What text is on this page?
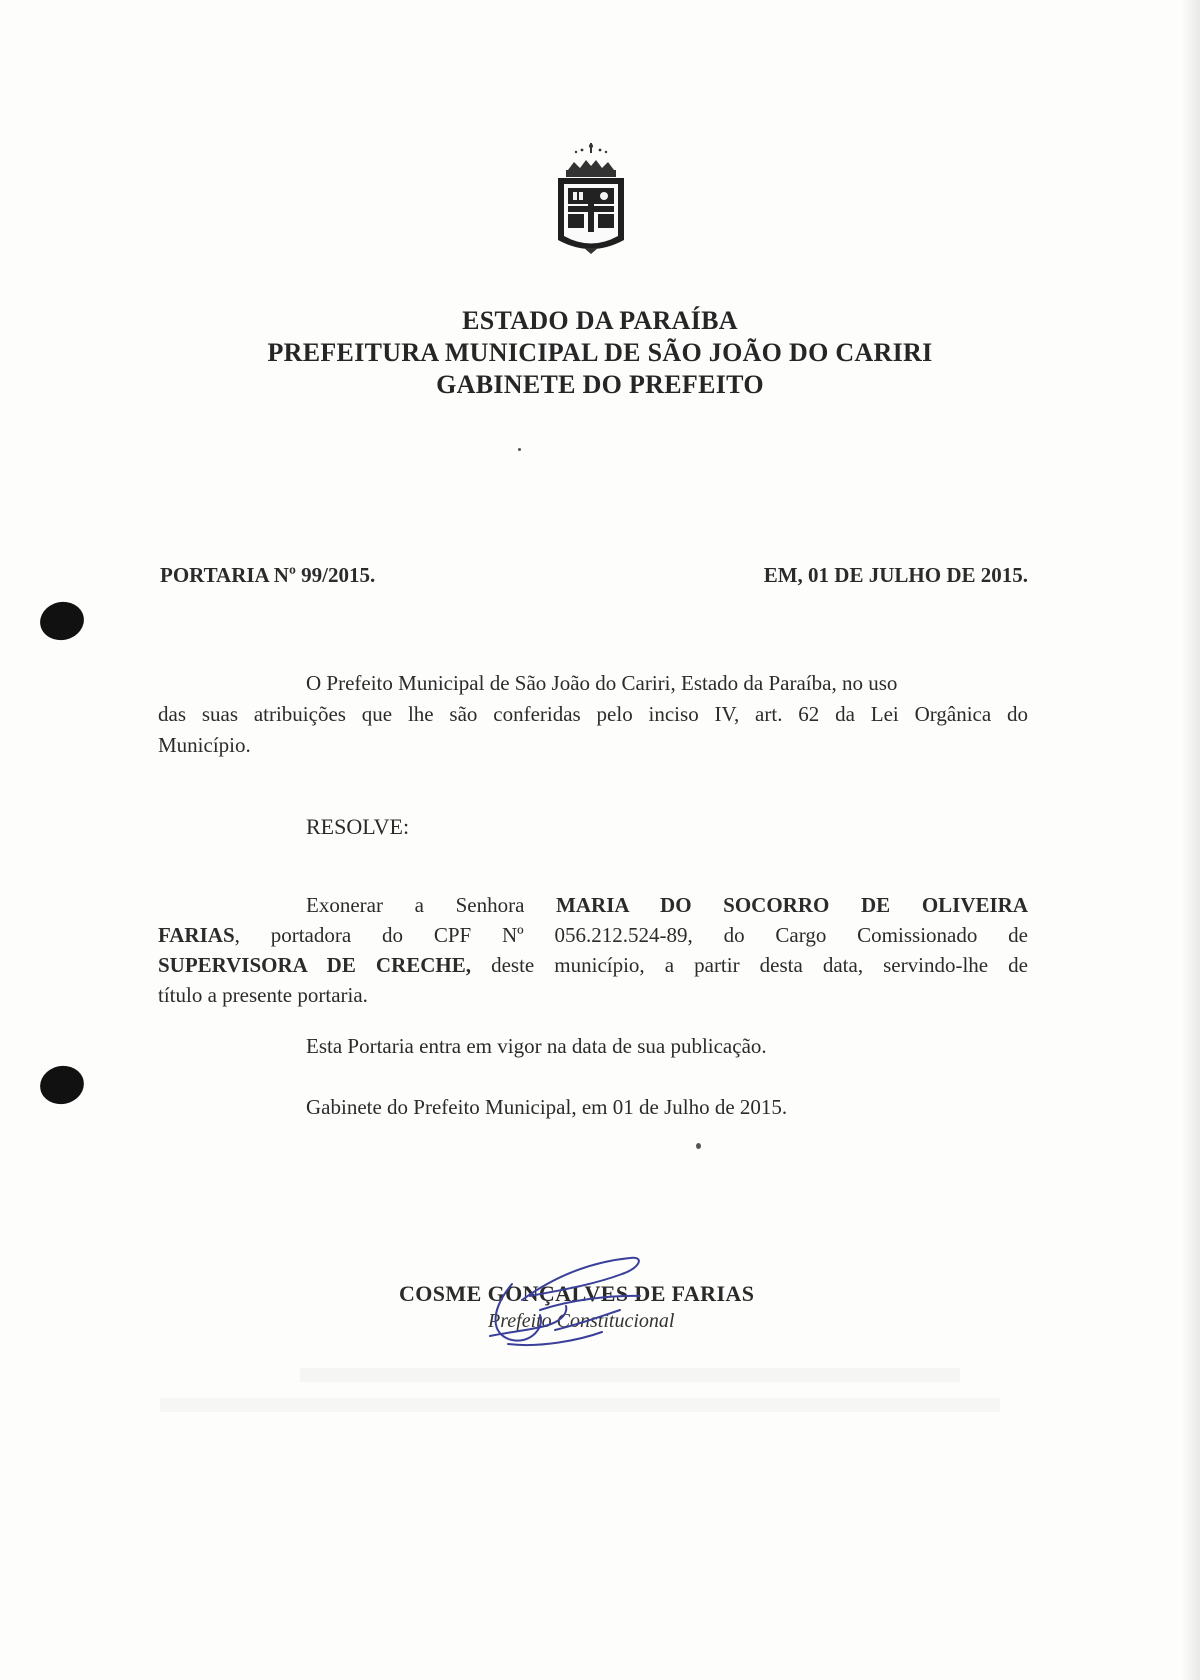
ESTADO DA PARAÍBA
PREFEITURA MUNICIPAL DE SÃO JOÃO DO CARIRI
GABINETE DO PREFEITO
PORTARIA Nº 99/2015.	EM, 01 DE JULHO DE 2015.
O Prefeito Municipal de São João do Cariri, Estado da Paraíba, no uso
das suas atribuições que lhe são conferidas pelo inciso IV, art. 62 da Lei Orgânica do
Município.
RESOLVE:
Exonerar a Senhora MARIA DO SOCORRO DE OLIVEIRA
FARIAS, portadora do CPF Nº 056.212.524-89, do Cargo Comissionado de
SUPERVISORA DE CRECHE, deste município, a partir desta data, servindo-lhe de
título a presente portaria.
Esta Portaria entra em vigor na data de sua publicação.
Gabinete do Prefeito Municipal, em 01 de Julho de 2015.
COSME GONÇALVES DE FARIAS
Prefeito Constitucional
